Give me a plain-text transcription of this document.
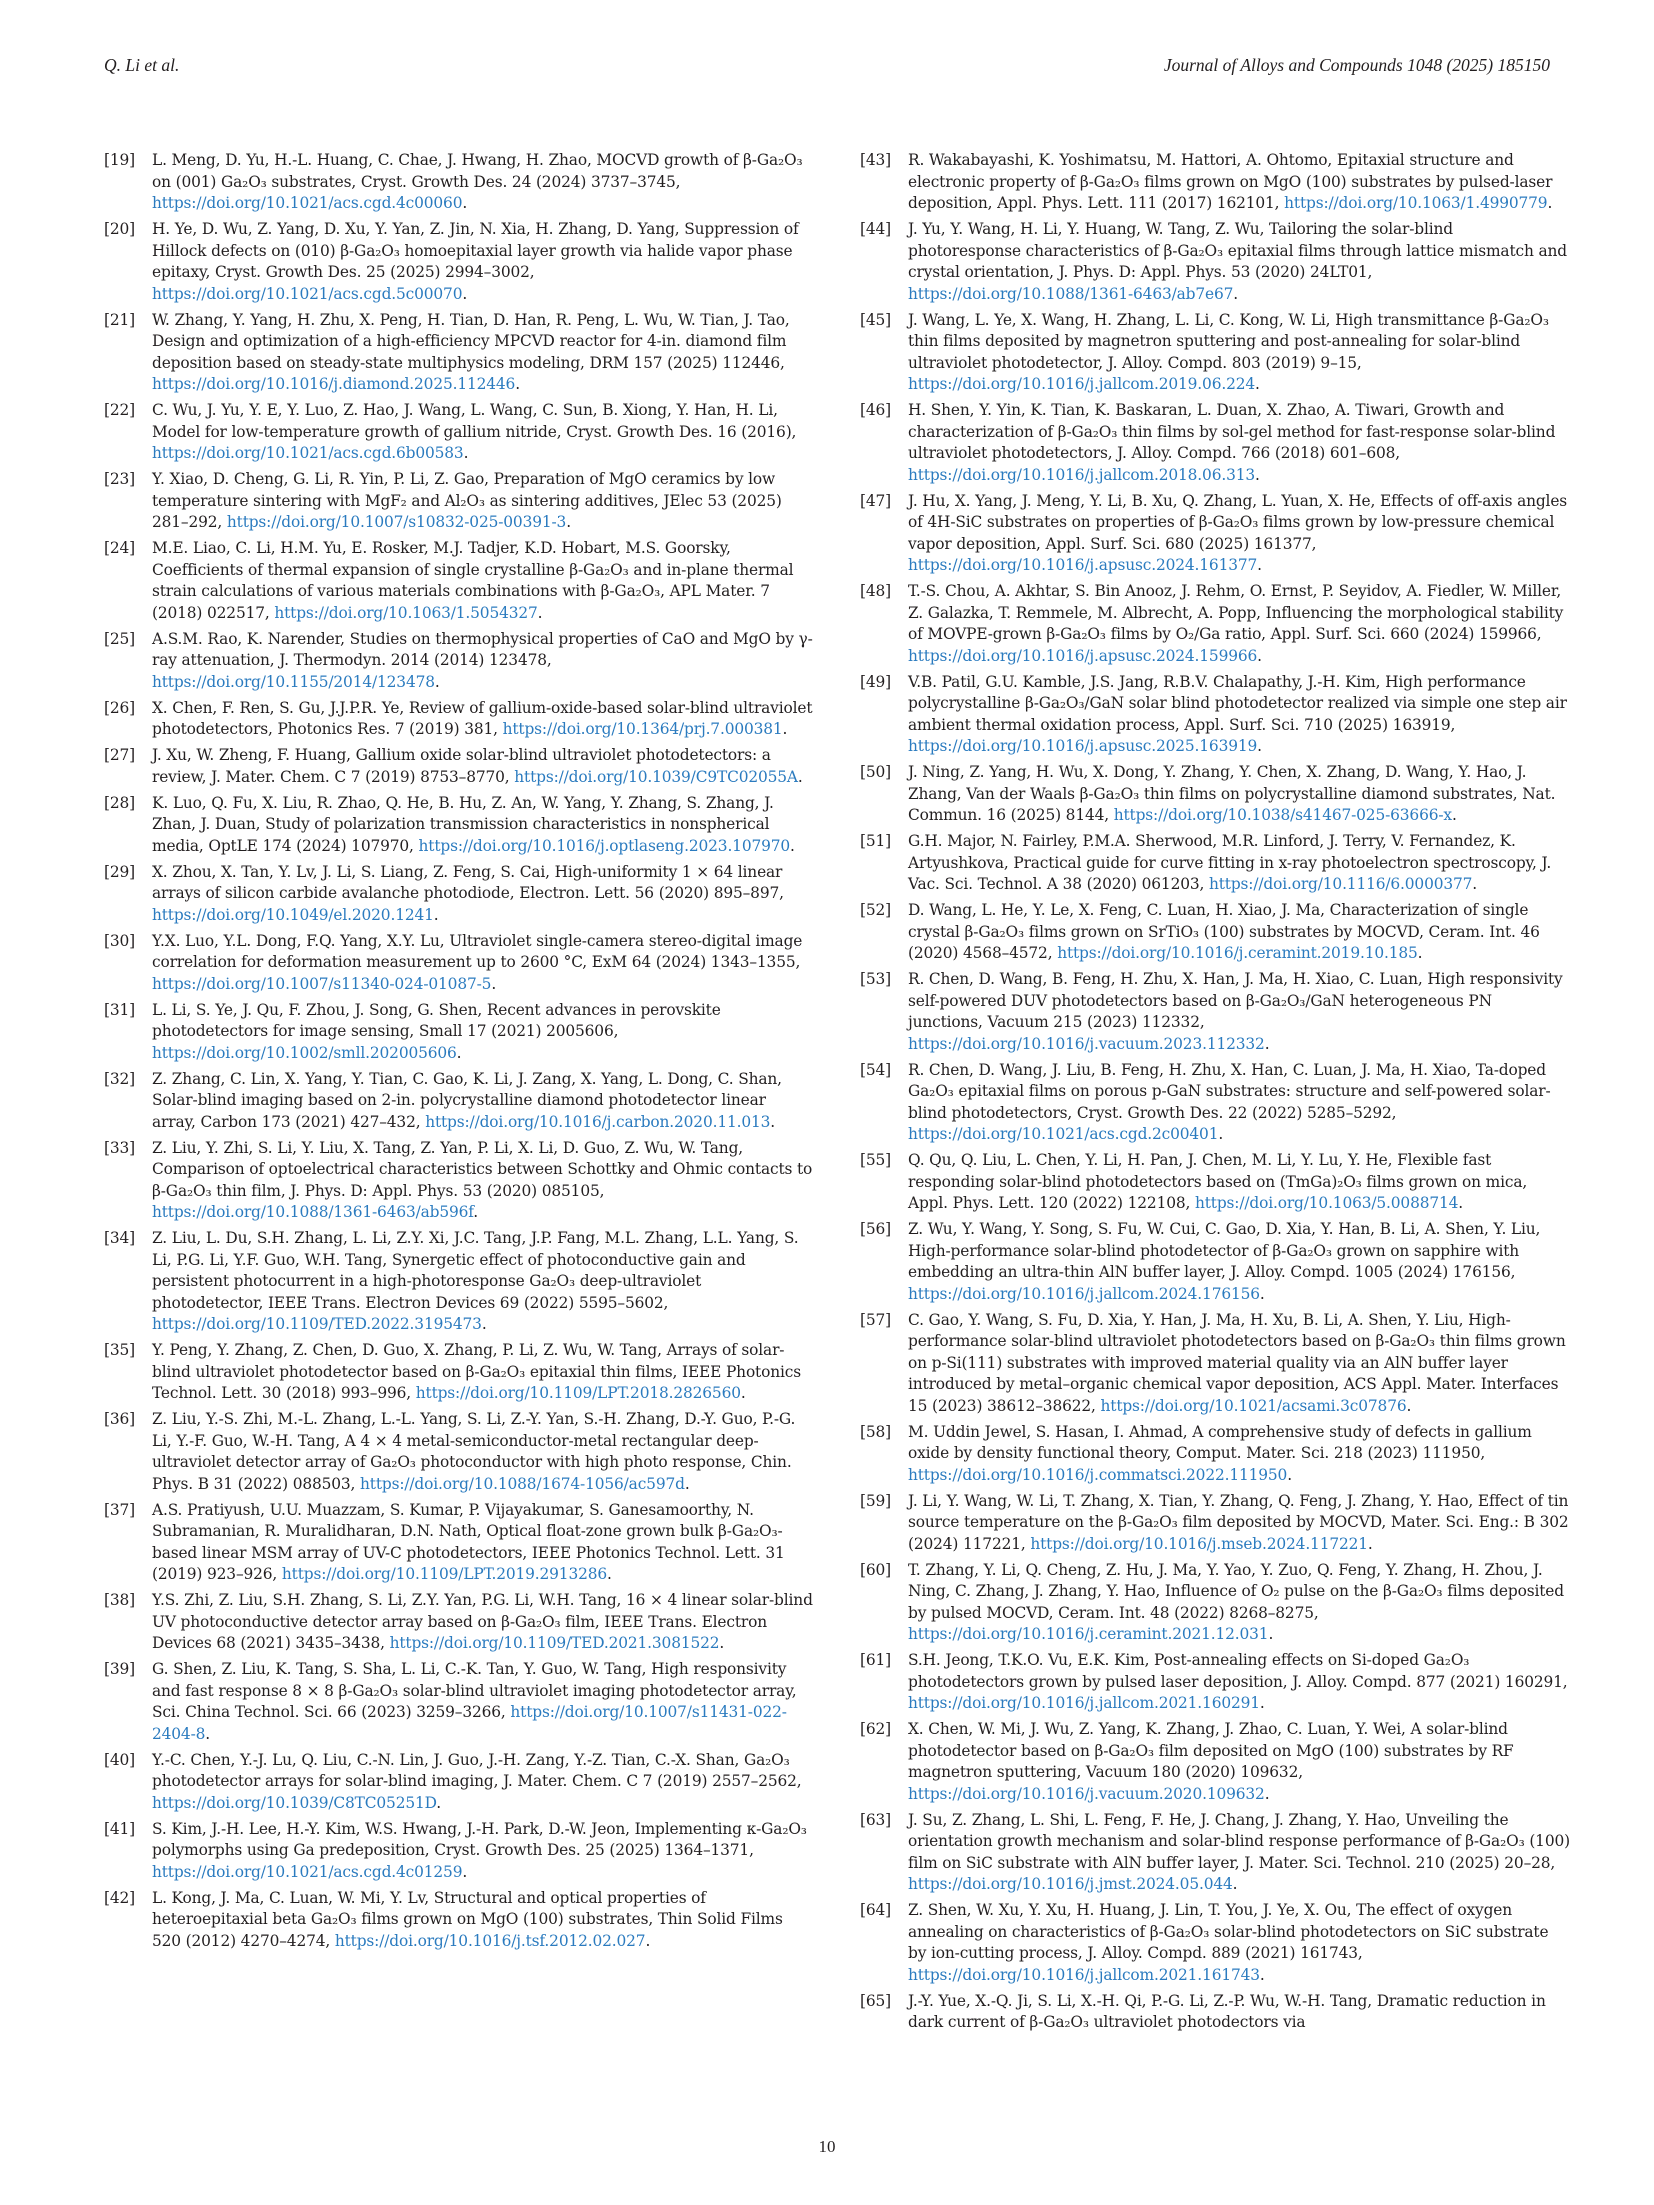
Q. Li et al.	Journal of Alloys and Compounds 1048 (2025) 185150
[19] L. Meng, D. Yu, H.-L. Huang, C. Chae, J. Hwang, H. Zhao, MOCVD growth of β-Ga₂O₃ on (001) Ga₂O₃ substrates, Cryst. Growth Des. 24 (2024) 3737–3745,https://doi.org/10.1021/acs.cgd.4c00060.
[20] H. Ye, D. Wu, Z. Yang, D. Xu, Y. Yan, Z. Jin, N. Xia, H. Zhang, D. Yang, Suppression of Hillock defects on (010) β-Ga₂O₃ homoepitaxial layer growth via halide vapor phase epitaxy, Cryst. Growth Des. 25 (2025) 2994–3002,https://doi.org/10.1021/acs.cgd.5c00070.
[21] W. Zhang, Y. Yang, H. Zhu, X. Peng, H. Tian, D. Han, R. Peng, L. Wu, W. Tian, J. Tao, Design and optimization of a high-efficiency MPCVD reactor for 4-in. diamond film deposition based on steady-state multiphysics modeling, DRM 157 (2025) 112446,https://doi.org/10.1016/j.diamond.2025.112446.
[22] C. Wu, J. Yu, Y. E, Y. Luo, Z. Hao, J. Wang, L. Wang, C. Sun, B. Xiong, Y. Han, H. Li, Model for low-temperature growth of gallium nitride, Cryst. Growth Des. 16 (2016),https://doi.org/10.1021/acs.cgd.6b00583.
[23] Y. Xiao, D. Cheng, G. Li, R. Yin, P. Li, Z. Gao, Preparation of MgO ceramics by low temperature sintering with MgF₂ and Al₂O₃ as sintering additives, JElec 53 (2025) 281–292, https://doi.org/10.1007/s10832-025-00391-3.
[24] M.E. Liao, C. Li, H.M. Yu, E. Rosker, M.J. Tadjer, K.D. Hobart, M.S. Goorsky, Coefficients of thermal expansion of single crystalline β-Ga₂O₃ and in-plane thermal strain calculations of various materials combinations with β-Ga₂O₃, APL Mater. 7 (2018) 022517, https://doi.org/10.1063/1.5054327.
[25] A.S.M. Rao, K. Narender, Studies on thermophysical properties of CaO and MgO by γ-ray attenuation, J. Thermodyn. 2014 (2014) 123478,https://doi.org/10.1155/2014/123478.
[26] X. Chen, F. Ren, S. Gu, J.J.P.R. Ye, Review of gallium-oxide-based solar-blind ultraviolet photodetectors, Photonics Res. 7 (2019) 381, https://doi.org/10.1364/prj.7.000381.
[27] J. Xu, W. Zheng, F. Huang, Gallium oxide solar-blind ultraviolet photodetectors: a review, J. Mater. Chem. C 7 (2019) 8753–8770, https://doi.org/10.1039/C9TC02055A.
[28] K. Luo, Q. Fu, X. Liu, R. Zhao, Q. He, B. Hu, Z. An, W. Yang, Y. Zhang, S. Zhang, J. Zhan, J. Duan, Study of polarization transmission characteristics in nonspherical media, OptLE 174 (2024) 107970, https://doi.org/10.1016/j.optlaseng.2023.107970.
[29] X. Zhou, X. Tan, Y. Lv, J. Li, S. Liang, Z. Feng, S. Cai, High-uniformity 1 × 64 linear arrays of silicon carbide avalanche photodiode, Electron. Lett. 56 (2020) 895–897,https://doi.org/10.1049/el.2020.1241.
[30] Y.X. Luo, Y.L. Dong, F.Q. Yang, X.Y. Lu, Ultraviolet single-camera stereo-digital image correlation for deformation measurement up to 2600 °C, ExM 64 (2024) 1343–1355,https://doi.org/10.1007/s11340-024-01087-5.
[31] L. Li, S. Ye, J. Qu, F. Zhou, J. Song, G. Shen, Recent advances in perovskite photodetectors for image sensing, Small 17 (2021) 2005606,https://doi.org/10.1002/smll.202005606.
[32] Z. Zhang, C. Lin, X. Yang, Y. Tian, C. Gao, K. Li, J. Zang, X. Yang, L. Dong, C. Shan, Solar-blind imaging based on 2-in. polycrystalline diamond photodetector linear array, Carbon 173 (2021) 427–432, https://doi.org/10.1016/j.carbon.2020.11.013.
[33] Z. Liu, Y. Zhi, S. Li, Y. Liu, X. Tang, Z. Yan, P. Li, X. Li, D. Guo, Z. Wu, W. Tang, Comparison of optoelectrical characteristics between Schottky and Ohmic contacts to β-Ga₂O₃ thin film, J. Phys. D: Appl. Phys. 53 (2020) 085105,https://doi.org/10.1088/1361-6463/ab596f.
[34] Z. Liu, L. Du, S.H. Zhang, L. Li, Z.Y. Xi, J.C. Tang, J.P. Fang, M.L. Zhang, L.L. Yang, S. Li, P.G. Li, Y.F. Guo, W.H. Tang, Synergetic effect of photoconductive gain and persistent photocurrent in a high-photoresponse Ga₂O₃ deep-ultraviolet photodetector, IEEE Trans. Electron Devices 69 (2022) 5595–5602,https://doi.org/10.1109/TED.2022.3195473.
[35] Y. Peng, Y. Zhang, Z. Chen, D. Guo, X. Zhang, P. Li, Z. Wu, W. Tang, Arrays of solar-blind ultraviolet photodetector based on β-Ga₂O₃ epitaxial thin films, IEEE Photonics Technol. Lett. 30 (2018) 993–996, https://doi.org/10.1109/LPT.2018.2826560.
[36] Z. Liu, Y.-S. Zhi, M.-L. Zhang, L.-L. Yang, S. Li, Z.-Y. Yan, S.-H. Zhang, D.-Y. Guo, P.-G. Li, Y.-F. Guo, W.-H. Tang, A 4 × 4 metal-semiconductor-metal rectangular deep-ultraviolet detector array of Ga₂O₃ photoconductor with high photo response, Chin. Phys. B 31 (2022) 088503, https://doi.org/10.1088/1674-1056/ac597d.
[37] A.S. Pratiyush, U.U. Muazzam, S. Kumar, P. Vijayakumar, S. Ganesamoorthy, N. Subramanian, R. Muralidharan, D.N. Nath, Optical float-zone grown bulk β-Ga₂O₃-based linear MSM array of UV-C photodetectors, IEEE Photonics Technol. Lett. 31 (2019) 923–926, https://doi.org/10.1109/LPT.2019.2913286.
[38] Y.S. Zhi, Z. Liu, S.H. Zhang, S. Li, Z.Y. Yan, P.G. Li, W.H. Tang, 16 × 4 linear solar-blind UV photoconductive detector array based on β-Ga₂O₃ film, IEEE Trans. Electron Devices 68 (2021) 3435–3438, https://doi.org/10.1109/TED.2021.3081522.
[39] G. Shen, Z. Liu, K. Tang, S. Sha, L. Li, C.-K. Tan, Y. Guo, W. Tang, High responsivity and fast response 8 × 8 β-Ga₂O₃ solar-blind ultraviolet imaging photodetector array, Sci. China Technol. Sci. 66 (2023) 3259–3266, https://doi.org/10.1007/s11431-022-2404-8.
[40] Y.-C. Chen, Y.-J. Lu, Q. Liu, C.-N. Lin, J. Guo, J.-H. Zang, Y.-Z. Tian, C.-X. Shan, Ga₂O₃ photodetector arrays for solar-blind imaging, J. Mater. Chem. C 7 (2019) 2557–2562,https://doi.org/10.1039/C8TC05251D.
[41] S. Kim, J.-H. Lee, H.-Y. Kim, W.S. Hwang, J.-H. Park, D.-W. Jeon, Implementing κ-Ga₂O₃ polymorphs using Ga predeposition, Cryst. Growth Des. 25 (2025) 1364–1371,https://doi.org/10.1021/acs.cgd.4c01259.
[42] L. Kong, J. Ma, C. Luan, W. Mi, Y. Lv, Structural and optical properties of heteroepitaxial beta Ga₂O₃ films grown on MgO (100) substrates, Thin Solid Films 520 (2012) 4270–4274, https://doi.org/10.1016/j.tsf.2012.02.027.
[43] R. Wakabayashi, K. Yoshimatsu, M. Hattori, A. Ohtomo, Epitaxial structure and electronic property of β-Ga₂O₃ films grown on MgO (100) substrates by pulsed-laser deposition, Appl. Phys. Lett. 111 (2017) 162101, https://doi.org/10.1063/1.4990779.
[44] J. Yu, Y. Wang, H. Li, Y. Huang, W. Tang, Z. Wu, Tailoring the solar-blind photoresponse characteristics of β-Ga₂O₃ epitaxial films through lattice mismatch and crystal orientation, J. Phys. D: Appl. Phys. 53 (2020) 24LT01,https://doi.org/10.1088/1361-6463/ab7e67.
[45] J. Wang, L. Ye, X. Wang, H. Zhang, L. Li, C. Kong, W. Li, High transmittance β-Ga₂O₃ thin films deposited by magnetron sputtering and post-annealing for solar-blind ultraviolet photodetector, J. Alloy. Compd. 803 (2019) 9–15,https://doi.org/10.1016/j.jallcom.2019.06.224.
[46] H. Shen, Y. Yin, K. Tian, K. Baskaran, L. Duan, X. Zhao, A. Tiwari, Growth and characterization of β-Ga₂O₃ thin films by sol-gel method for fast-response solar-blind ultraviolet photodetectors, J. Alloy. Compd. 766 (2018) 601–608,https://doi.org/10.1016/j.jallcom.2018.06.313.
[47] J. Hu, X. Yang, J. Meng, Y. Li, B. Xu, Q. Zhang, L. Yuan, X. He, Effects of off-axis angles of 4H-SiC substrates on properties of β-Ga₂O₃ films grown by low-pressure chemical vapor deposition, Appl. Surf. Sci. 680 (2025) 161377,https://doi.org/10.1016/j.apsusc.2024.161377.
[48] T.-S. Chou, A. Akhtar, S. Bin Anooz, J. Rehm, O. Ernst, P. Seyidov, A. Fiedler, W. Miller, Z. Galazka, T. Remmele, M. Albrecht, A. Popp, Influencing the morphological stability of MOVPE-grown β-Ga₂O₃ films by O₂/Ga ratio, Appl. Surf. Sci. 660 (2024) 159966,https://doi.org/10.1016/j.apsusc.2024.159966.
[49] V.B. Patil, G.U. Kamble, J.S. Jang, R.B.V. Chalapathy, J.-H. Kim, High performance polycrystalline β-Ga₂O₃/GaN solar blind photodetector realized via simple one step air ambient thermal oxidation process, Appl. Surf. Sci. 710 (2025) 163919,https://doi.org/10.1016/j.apsusc.2025.163919.
[50] J. Ning, Z. Yang, H. Wu, X. Dong, Y. Zhang, Y. Chen, X. Zhang, D. Wang, Y. Hao, J. Zhang, Van der Waals β-Ga₂O₃ thin films on polycrystalline diamond substrates, Nat. Commun. 16 (2025) 8144, https://doi.org/10.1038/s41467-025-63666-x.
[51] G.H. Major, N. Fairley, P.M.A. Sherwood, M.R. Linford, J. Terry, V. Fernandez, K. Artyushkova, Practical guide for curve fitting in x-ray photoelectron spectroscopy, J. Vac. Sci. Technol. A 38 (2020) 061203, https://doi.org/10.1116/6.0000377.
[52] D. Wang, L. He, Y. Le, X. Feng, C. Luan, H. Xiao, J. Ma, Characterization of single crystal β-Ga₂O₃ films grown on SrTiO₃ (100) substrates by MOCVD, Ceram. Int. 46 (2020) 4568–4572, https://doi.org/10.1016/j.ceramint.2019.10.185.
[53] R. Chen, D. Wang, B. Feng, H. Zhu, X. Han, J. Ma, H. Xiao, C. Luan, High responsivity self-powered DUV photodetectors based on β-Ga₂O₃/GaN heterogeneous PN junctions, Vacuum 215 (2023) 112332,https://doi.org/10.1016/j.vacuum.2023.112332.
[54] R. Chen, D. Wang, J. Liu, B. Feng, H. Zhu, X. Han, C. Luan, J. Ma, H. Xiao, Ta-doped Ga₂O₃ epitaxial films on porous p-GaN substrates: structure and self-powered solar-blind photodetectors, Cryst. Growth Des. 22 (2022) 5285–5292,https://doi.org/10.1021/acs.cgd.2c00401.
[55] Q. Qu, Q. Liu, L. Chen, Y. Li, H. Pan, J. Chen, M. Li, Y. Lu, Y. He, Flexible fast responding solar-blind photodetectors based on (TmGa)₂O₃ films grown on mica, Appl. Phys. Lett. 120 (2022) 122108, https://doi.org/10.1063/5.0088714.
[56] Z. Wu, Y. Wang, Y. Song, S. Fu, W. Cui, C. Gao, D. Xia, Y. Han, B. Li, A. Shen, Y. Liu, High-performance solar-blind photodetector of β-Ga₂O₃ grown on sapphire with embedding an ultra-thin AlN buffer layer, J. Alloy. Compd. 1005 (2024) 176156,https://doi.org/10.1016/j.jallcom.2024.176156.
[57] C. Gao, Y. Wang, S. Fu, D. Xia, Y. Han, J. Ma, H. Xu, B. Li, A. Shen, Y. Liu, High-performance solar-blind ultraviolet photodetectors based on β-Ga₂O₃ thin films grown on p-Si(111) substrates with improved material quality via an AlN buffer layer introduced by metal–organic chemical vapor deposition, ACS Appl. Mater. Interfaces 15 (2023) 38612–38622, https://doi.org/10.1021/acsami.3c07876.
[58] M. Uddin Jewel, S. Hasan, I. Ahmad, A comprehensive study of defects in gallium oxide by density functional theory, Comput. Mater. Sci. 218 (2023) 111950,https://doi.org/10.1016/j.commatsci.2022.111950.
[59] J. Li, Y. Wang, W. Li, T. Zhang, X. Tian, Y. Zhang, Q. Feng, J. Zhang, Y. Hao, Effect of tin source temperature on the β-Ga₂O₃ film deposited by MOCVD, Mater. Sci. Eng.: B 302 (2024) 117221, https://doi.org/10.1016/j.mseb.2024.117221.
[60] T. Zhang, Y. Li, Q. Cheng, Z. Hu, J. Ma, Y. Yao, Y. Zuo, Q. Feng, Y. Zhang, H. Zhou, J. Ning, C. Zhang, J. Zhang, Y. Hao, Influence of O₂ pulse on the β-Ga₂O₃ films deposited by pulsed MOCVD, Ceram. Int. 48 (2022) 8268–8275,https://doi.org/10.1016/j.ceramint.2021.12.031.
[61] S.H. Jeong, T.K.O. Vu, E.K. Kim, Post-annealing effects on Si-doped Ga₂O₃ photodetectors grown by pulsed laser deposition, J. Alloy. Compd. 877 (2021) 160291,https://doi.org/10.1016/j.jallcom.2021.160291.
[62] X. Chen, W. Mi, J. Wu, Z. Yang, K. Zhang, J. Zhao, C. Luan, Y. Wei, A solar-blind photodetector based on β-Ga₂O₃ film deposited on MgO (100) substrates by RF magnetron sputtering, Vacuum 180 (2020) 109632,https://doi.org/10.1016/j.vacuum.2020.109632.
[63] J. Su, Z. Zhang, L. Shi, L. Feng, F. He, J. Chang, J. Zhang, Y. Hao, Unveiling the orientation growth mechanism and solar-blind response performance of β-Ga₂O₃ (100) film on SiC substrate with AlN buffer layer, J. Mater. Sci. Technol. 210 (2025) 20–28,https://doi.org/10.1016/j.jmst.2024.05.044.
[64] Z. Shen, W. Xu, Y. Xu, H. Huang, J. Lin, T. You, J. Ye, X. Ou, The effect of oxygen annealing on characteristics of β-Ga₂O₃ solar-blind photodetectors on SiC substrate by ion-cutting process, J. Alloy. Compd. 889 (2021) 161743,https://doi.org/10.1016/j.jallcom.2021.161743.
[65] J.-Y. Yue, X.-Q. Ji, S. Li, X.-H. Qi, P.-G. Li, Z.-P. Wu, W.-H. Tang, Dramatic reduction in dark current of β-Ga₂O₃ ultraviolet photodectors via
10
